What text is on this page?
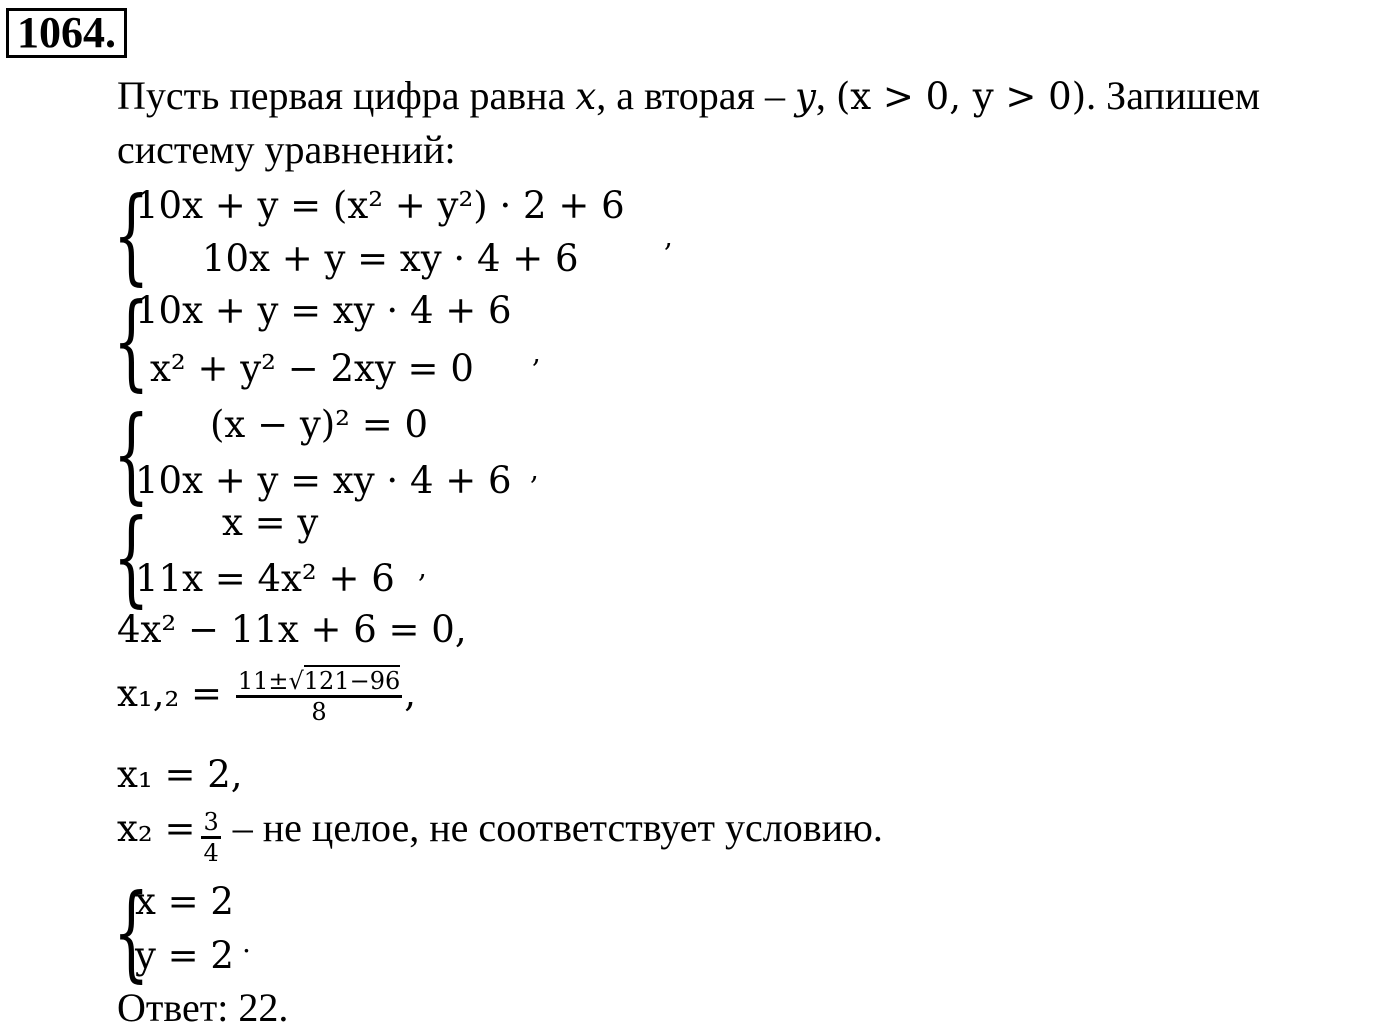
1064.
Пусть первая цифра равна x, а вторая – y, (x > 0, y > 0). Запишем
систему уравнений:
{
10x + y = (x² + y²) · 2 + 6
10x + y = xy · 4 + 6
,
{
10x + y = xy · 4 + 6
x² + y² − 2xy = 0 ,
{ (x − y)² = 0
10x + y = xy · 4 + 6 ,
{ x = y
11x = 4x² + 6 ,
4x² − 11x + 6 = 0,
$x_1,_2 = \frac{11\pm√121-96}{8}$ ,
x₁ = 2,
$x_2 = \frac{3}{4}$ – не целое, не соответствует условию.
{
x = 2
y = 2 .
Ответ: 22.
